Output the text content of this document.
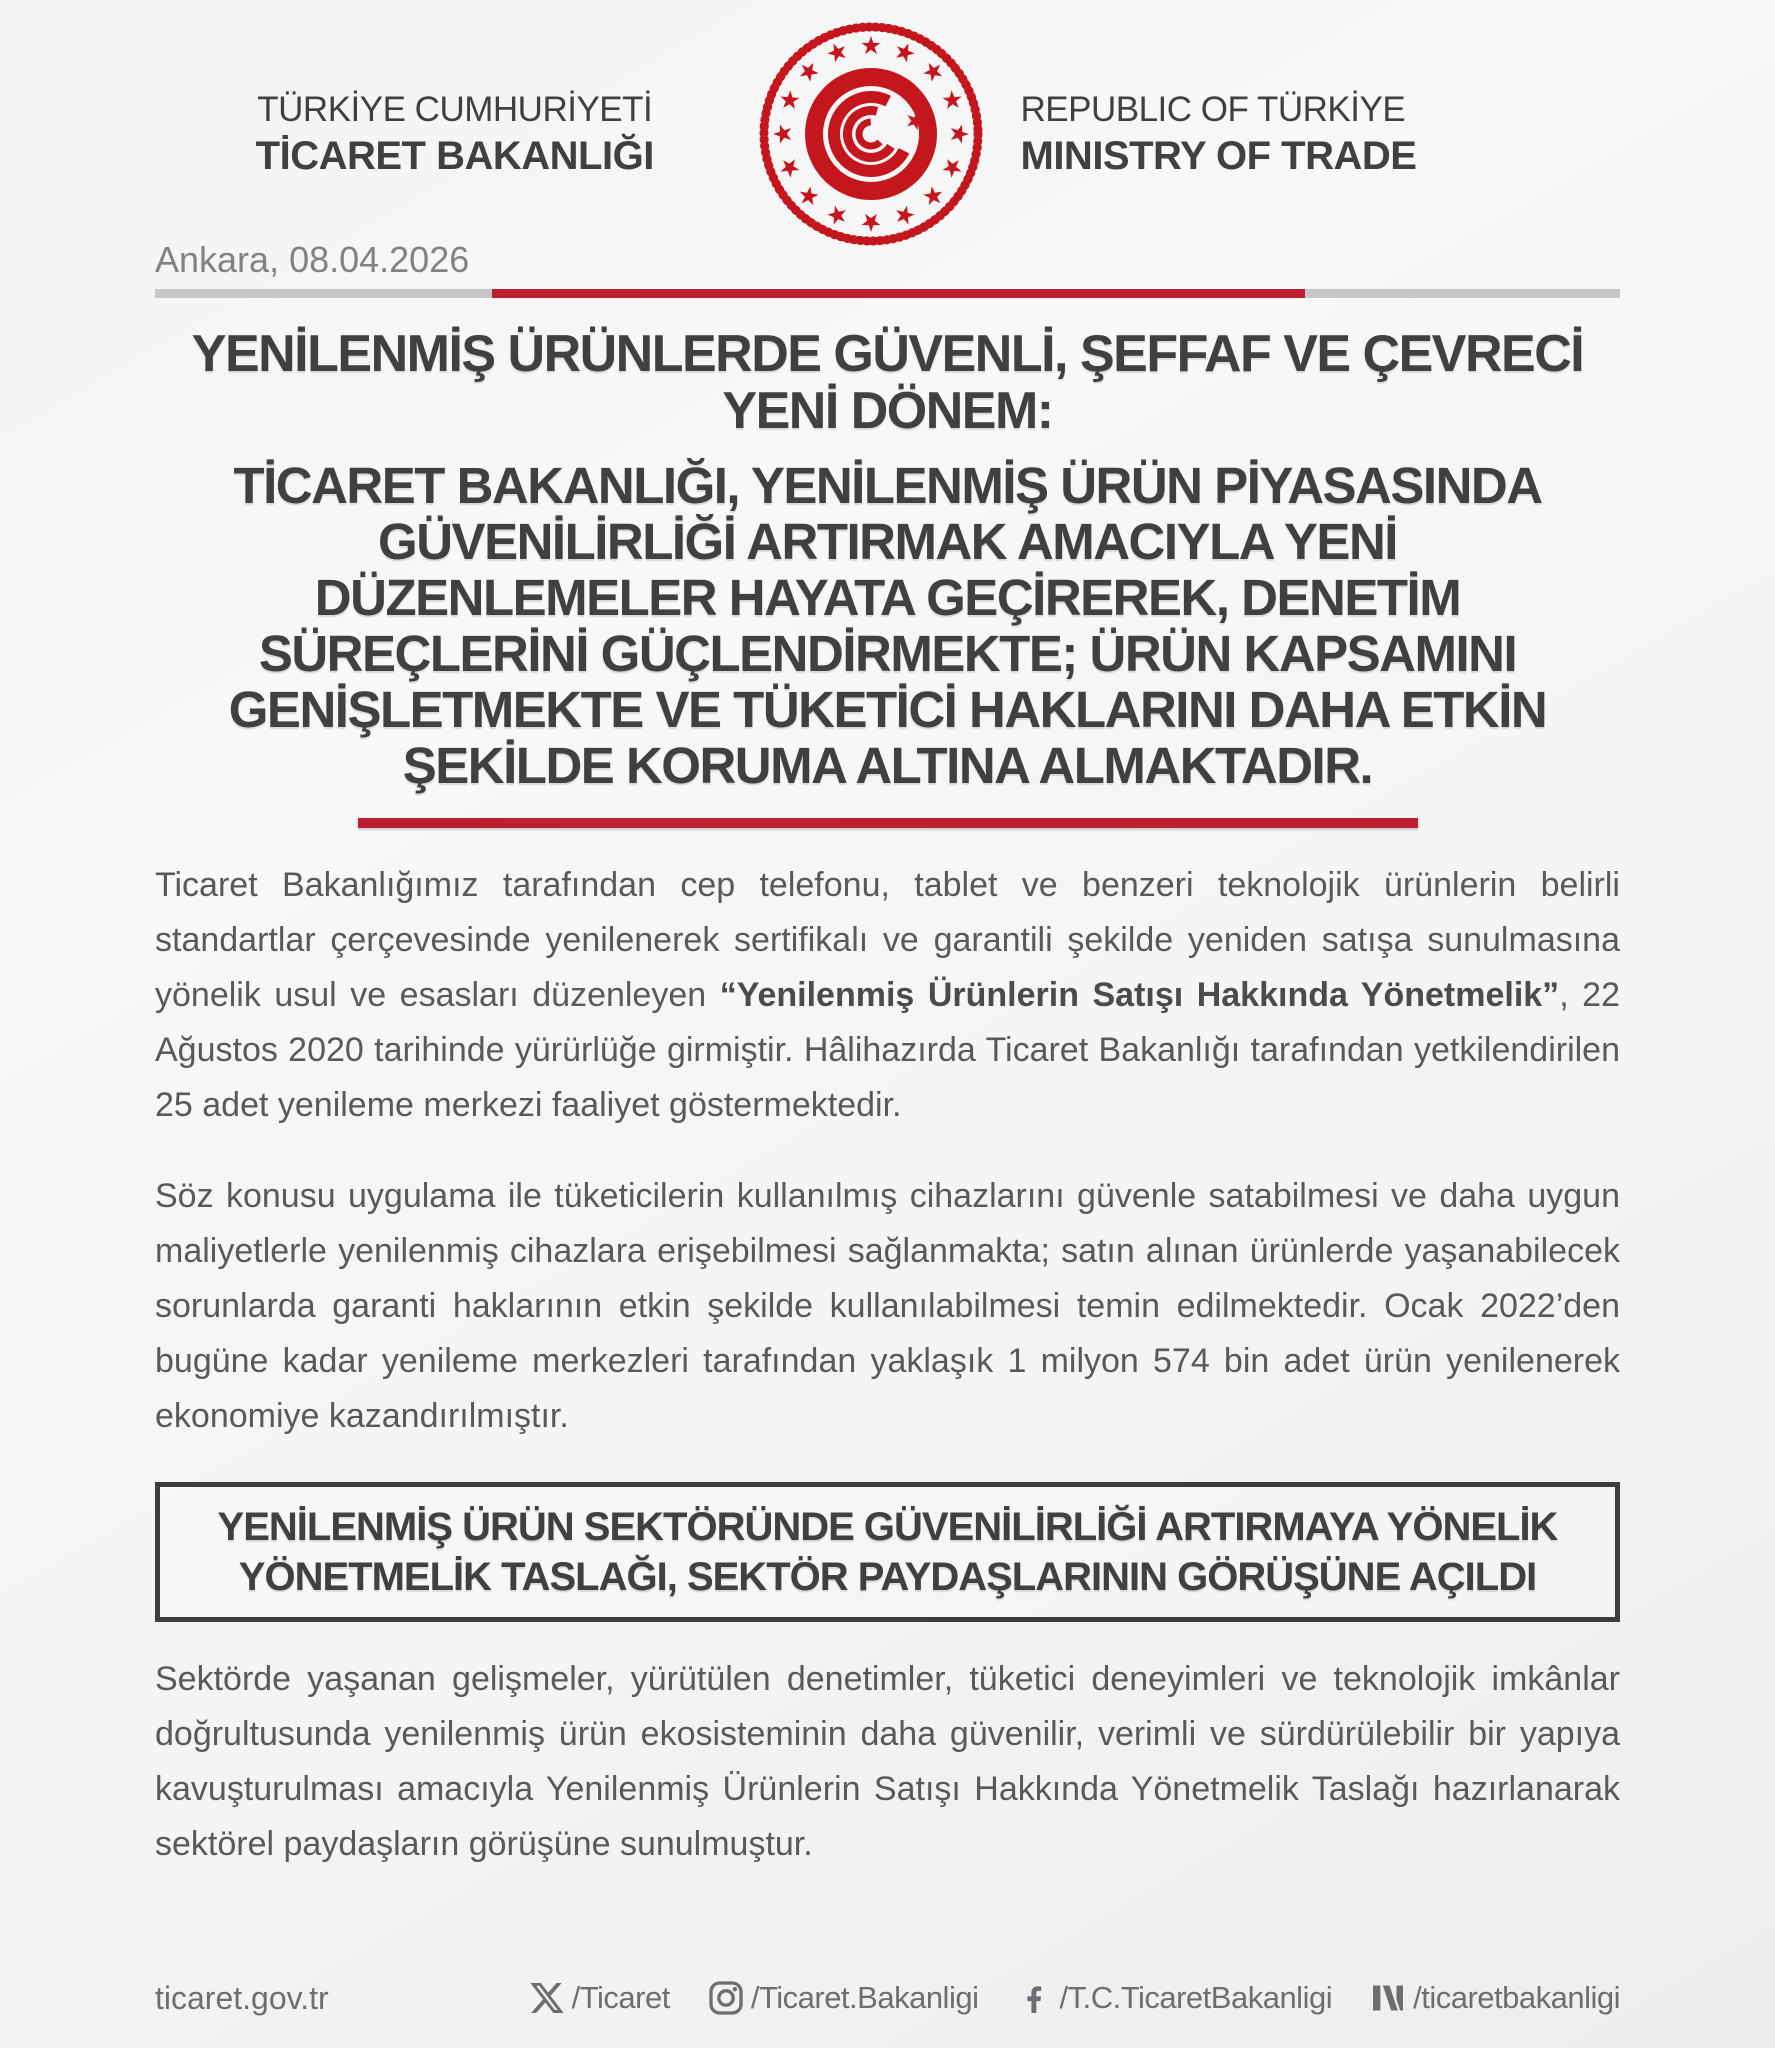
TÜRKİYE CUMHURİYETİ
TİCARET BAKANLIĞI
REPUBLIC OF TÜRKİYE
MINISTRY OF TRADE
Ankara, 08.04.2026
YENİLENMİŞ ÜRÜNLERDE GÜVENLİ, ŞEFFAF VE ÇEVRECİ
YENİ DÖNEM:
TİCARET BAKANLIĞI, YENİLENMİŞ ÜRÜN PİYASASINDA
GÜVENİLİRLİĞİ ARTIRMAK AMACIYLA YENİ
DÜZENLEMELER HAYATA GEÇİREREK, DENETİM
SÜREÇLERİNİ GÜÇLENDİRMEKTE; ÜRÜN KAPSAMINI
GENİŞLETMEKTE VE TÜKETİCİ HAKLARINI DAHA ETKİN
ŞEKİLDE KORUMA ALTINA ALMAKTADIR.

Ticaret Bakanlığımız tarafından cep telefonu, tablet ve benzeri teknolojik ürünlerin belirli standartlar çerçevesinde yenilenerek sertifikalı ve garantili şekilde yeniden satışa sunulmasına yönelik usul ve esasları düzenleyen “Yenilenmiş Ürünlerin Satışı Hakkında Yönetmelik”, 22 Ağustos 2020 tarihinde yürürlüğe girmiştir. Hâlihazırda Ticaret Bakanlığı tarafından yetkilendirilen 25 adet yenileme merkezi faaliyet göstermektedir.

Söz konusu uygulama ile tüketicilerin kullanılmış cihazlarını güvenle satabilmesi ve daha uygun maliyetlerle yenilenmiş cihazlara erişebilmesi sağlanmakta; satın alınan ürünlerde yaşanabilecek sorunlarda garanti haklarının etkin şekilde kullanılabilmesi temin edilmektedir. Ocak 2022’den bugüne kadar yenileme merkezleri tarafından yaklaşık 1 milyon 574 bin adet ürün yenilenerek ekonomiye kazandırılmıştır.

YENİLENMİŞ ÜRÜN SEKTÖRÜNDE GÜVENİLİRLİĞİ ARTIRMAYA YÖNELİK
YÖNETMELİK TASLAĞI, SEKTÖR PAYDAŞLARININ GÖRÜŞÜNE AÇILDI

Sektörde yaşanan gelişmeler, yürütülen denetimler, tüketici deneyimleri ve teknolojik imkânlar doğrultusunda yenilenmiş ürün ekosisteminin daha güvenilir, verimli ve sürdürülebilir bir yapıya kavuşturulması amacıyla Yenilenmiş Ürünlerin Satışı Hakkında Yönetmelik Taslağı hazırlanarak sektörel paydaşların görüşüne sunulmuştur.

ticaret.gov.tr	/Ticaret	/Ticaret.Bakanligi	/T.C.TicaretBakanligi	/ticaretbakanligi
